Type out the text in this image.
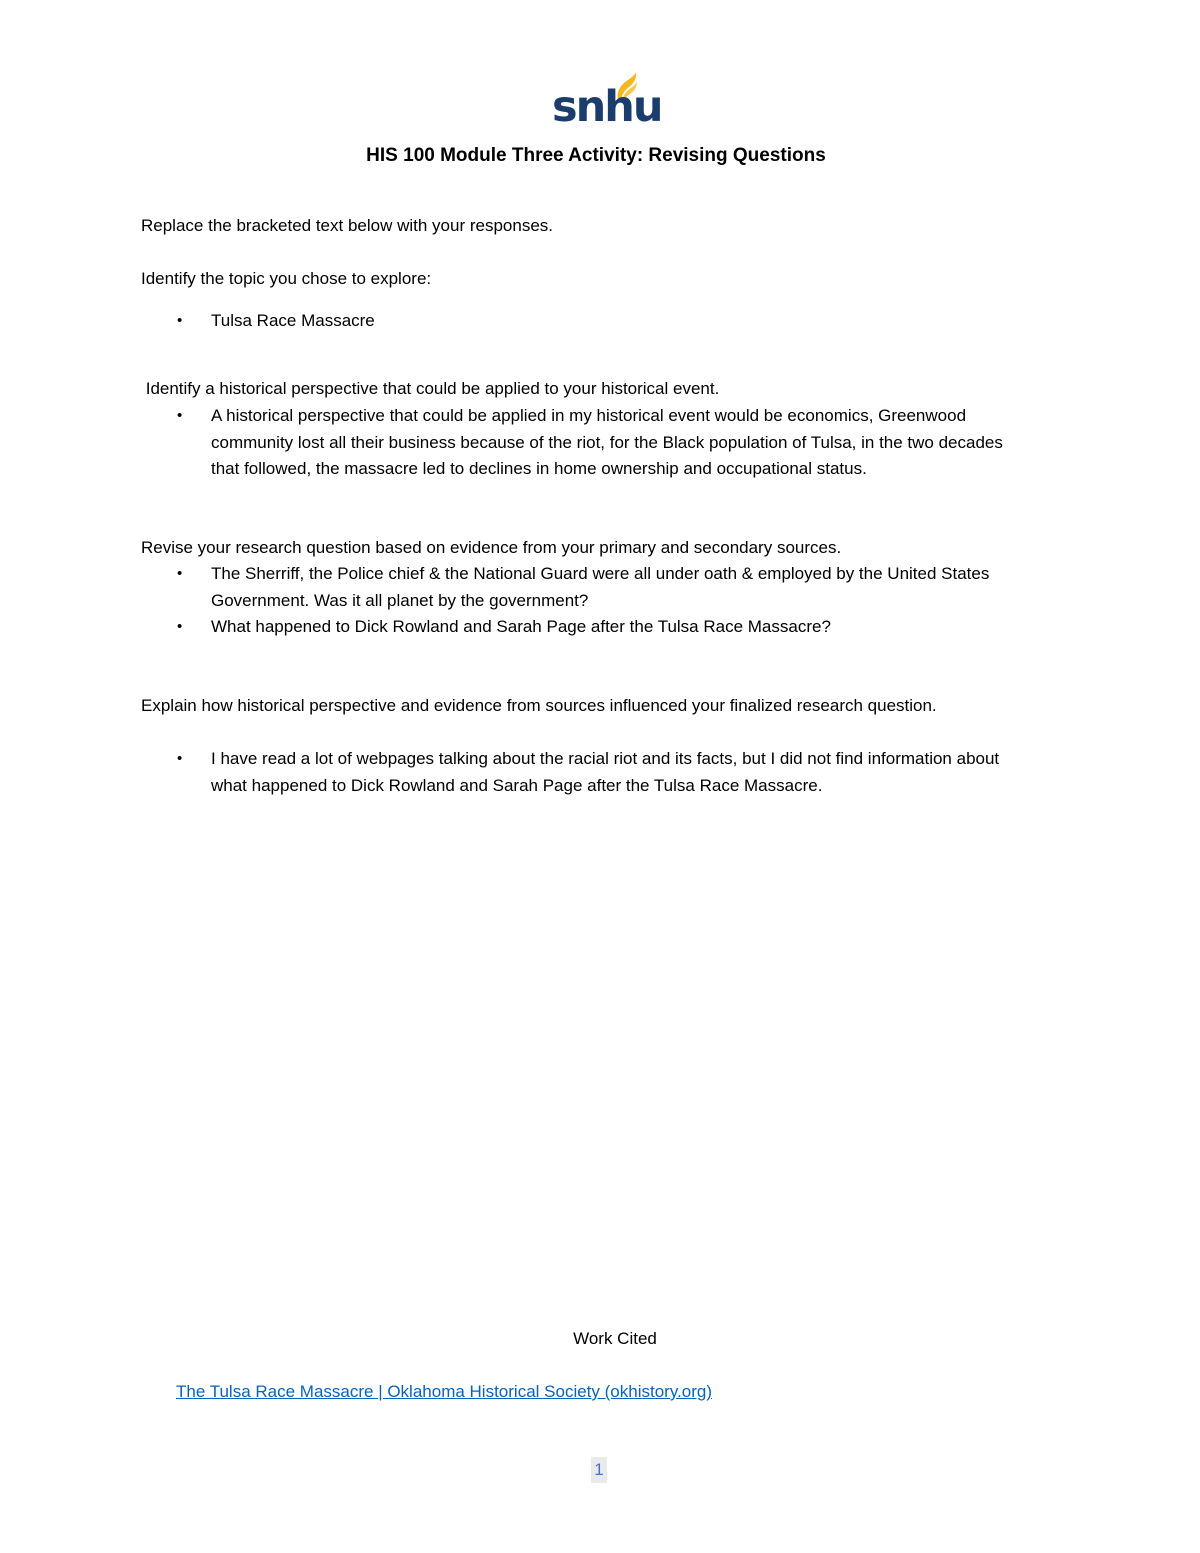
snhu
HIS 100 Module Three Activity: Revising Questions

Replace the bracketed text below with your responses.

Identify the topic you chose to explore:

• Tulsa Race Massacre

Identify a historical perspective that could be applied to your historical event.

• A historical perspective that could be applied in my historical event would be economics, Greenwood community lost all their business because of the riot, for the Black population of Tulsa, in the two decades that followed, the massacre led to declines in home ownership and occupational status.

Revise your research question based on evidence from your primary and secondary sources.

• The Sherriff, the Police chief & the National Guard were all under oath & employed by the United States Government. Was it all planet by the government?
• What happened to Dick Rowland and Sarah Page after the Tulsa Race Massacre?

Explain how historical perspective and evidence from sources influenced your finalized research question.

• I have read a lot of webpages talking about the racial riot and its facts, but I did not find information about what happened to Dick Rowland and Sarah Page after the Tulsa Race Massacre.
Work Cited
The Tulsa Race Massacre | Oklahoma Historical Society (okhistory.org)
1
